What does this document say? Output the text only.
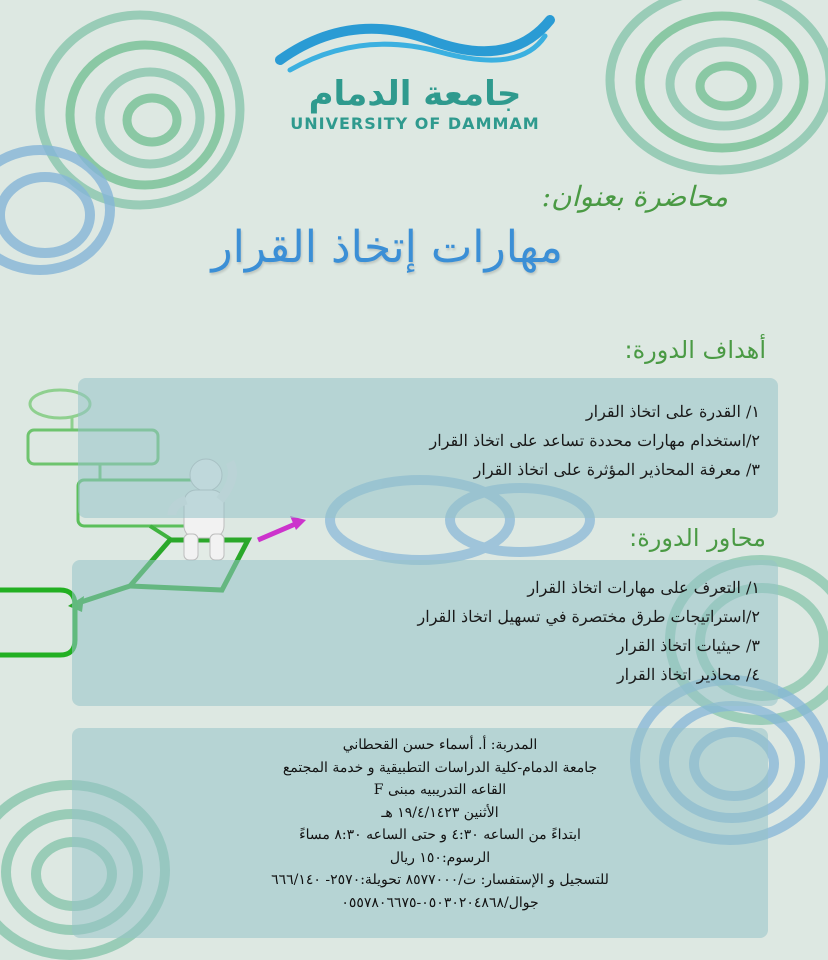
جامعة الدمام
UNIVERSITY OF DAMMAM
محاضرة بعنوان:
مهارات إتخاذ القرار
أهداف الدورة:
١/ القدرة على اتخاذ القرار
٢/استخدام مهارات محددة تساعد على اتخاذ القرار
٣/ معرفة المحاذير المؤثرة على اتخاذ القرار
محاور الدورة:
١/ التعرف على مهارات اتخاذ القرار
٢/استراتيجات طرق مختصرة في تسهيل اتخاذ القرار
٣/ حيثيات اتخاذ القرار
٤/ محاذير اتخاذ القرار
المدربة: أ. أسماء حسن القحطاني
جامعة الدمام-كلية الدراسات التطبيقية و خدمة المجتمع
القاعه التدريبيه مبنى F
الأثنين ١٩/٤/١٤٢٣ هـ
ابتداءً من الساعه ٤:٣٠ و حتى الساعه ٨:٣٠ مساءً
الرسوم:١٥٠ ريال
للتسجيل و الإستفسار: ت/٨٥٧٧٠٠٠ تحويلة:٢٥٧٠- ٦٦٦/١٤٠
جوال/٠٥٠٣٠٢٠٤٨٦٨-٠٥٥٧٨٠٦٦٧٥
